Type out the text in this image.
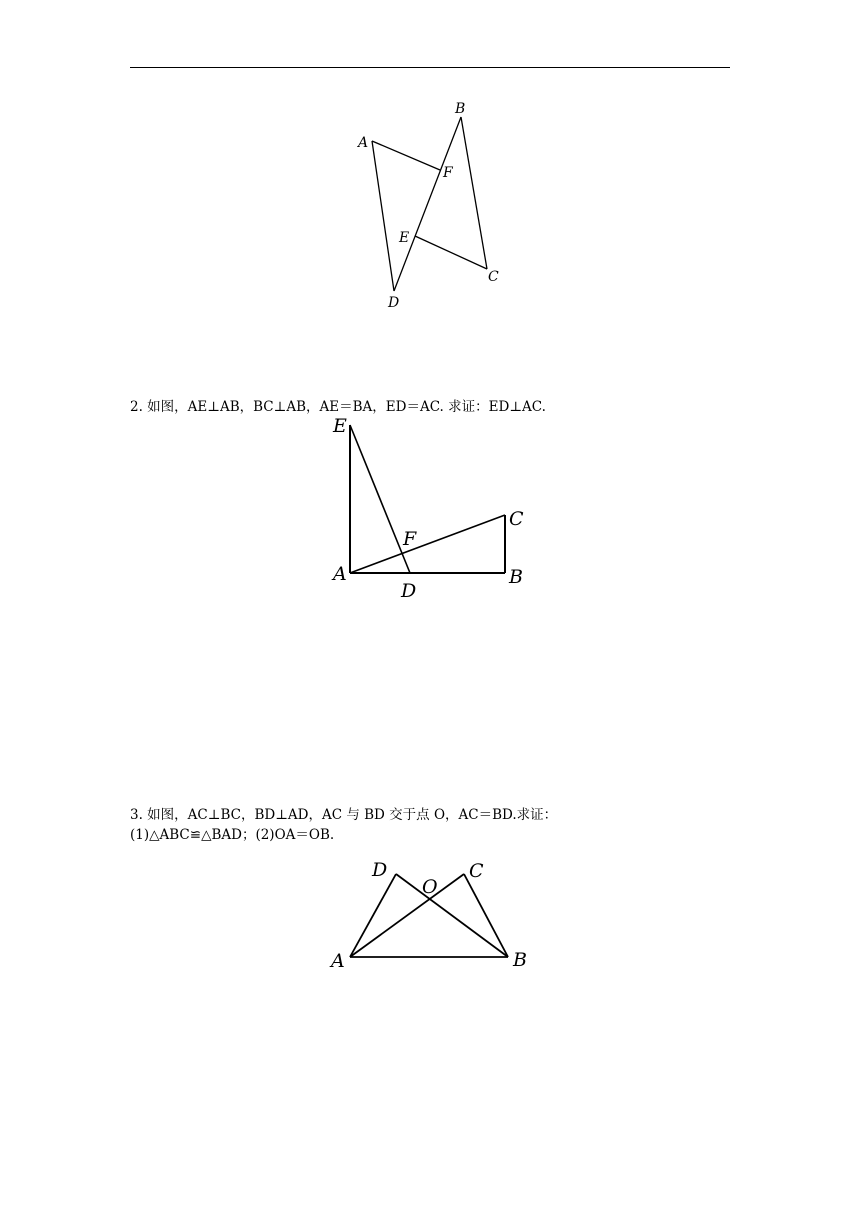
A
B
F
E
C
D
2. 如图，AE⊥AB，BC⊥AB，AE＝BA，ED＝AC. 求证：ED⊥AC.
E
C
F
A	B
D
3. 如图，AC⊥BC，BD⊥AD，AC 与 BD 交于点 O，AC＝BD.求证：
(1)△ABC≌△BAD；(2)OA＝OB.
D
O
C
A	B
